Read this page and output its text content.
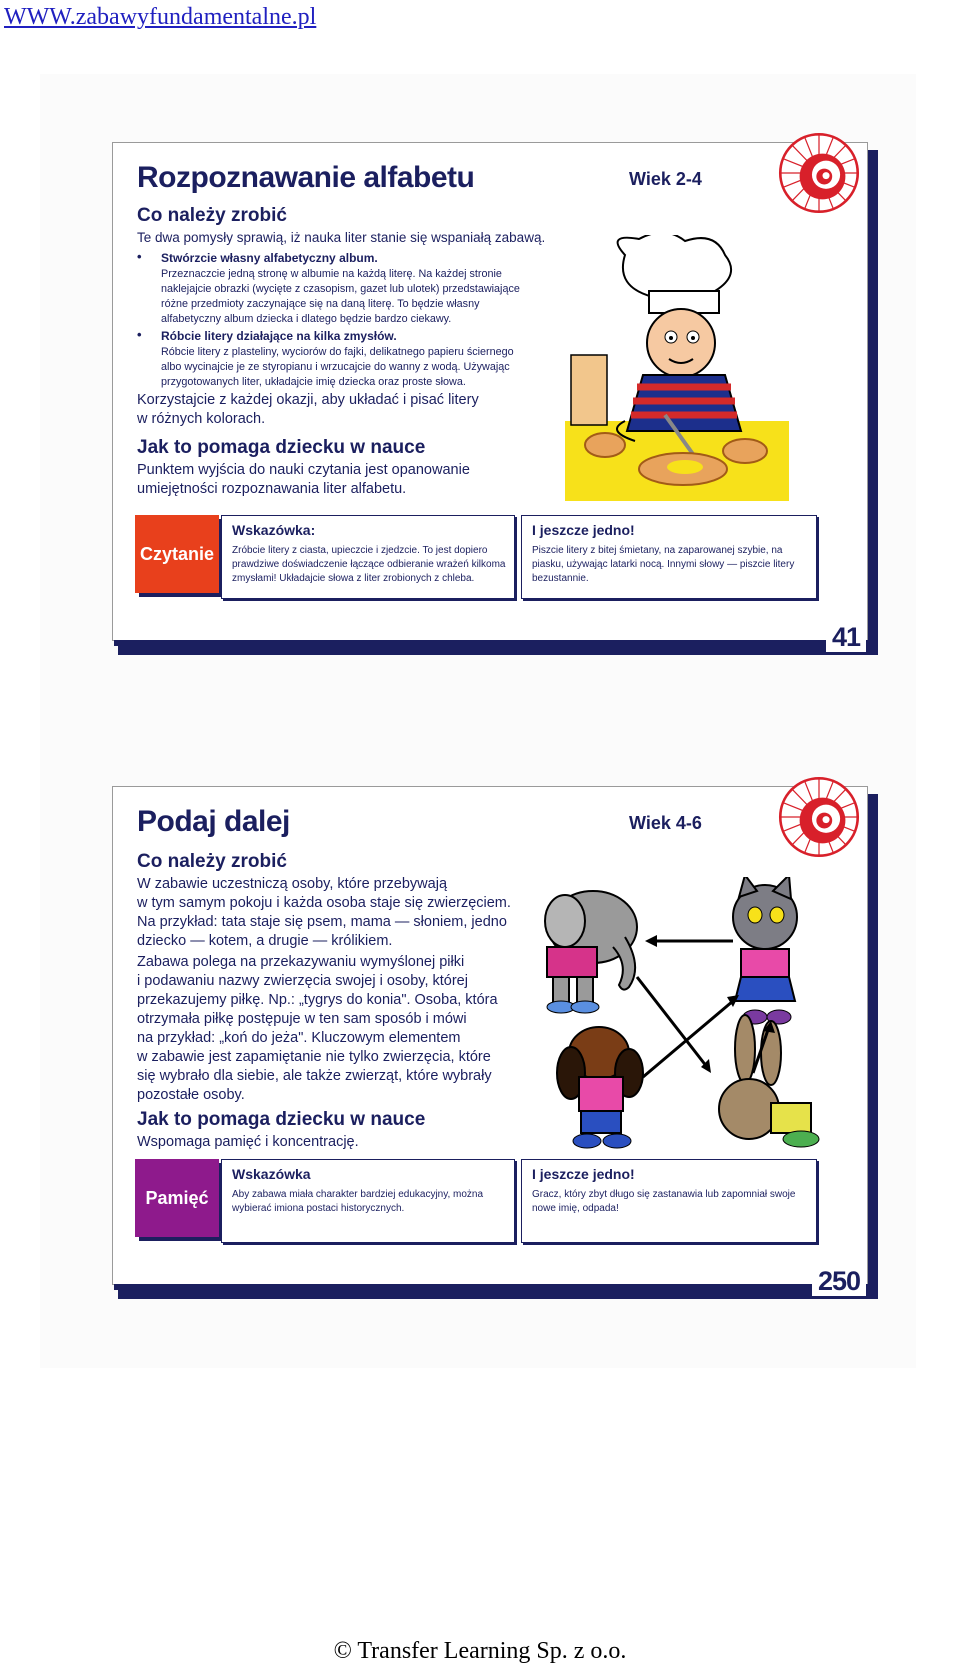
WWW.zabawyfundamentalne.pl
Rozpoznawanie alfabetu	Wiek 2-4
Co należy zrobić
Te dwa pomysły sprawią, iż nauka liter stanie się wspaniałą zabawą.
• Stwórzcie własny alfabetyczny album.
Przeznaczcie jedną stronę w albumie na każdą literę. Na każdej stronie
naklejajcie obrazki (wycięte z czasopism, gazet lub ulotek) przedstawiające
różne przedmioty zaczynające się na daną literę. To będzie własny
alfabetyczny album dziecka i dlatego będzie bardzo ciekawy.
• Róbcie litery działające na kilka zmysłów.
Róbcie litery z plasteliny, wyciorów do fajki, delikatnego papieru ściernego
albo wycinajcie je ze styropianu i wrzucajcie do wanny z wodą. Używając
przygotowanych liter, układajcie imię dziecka oraz proste słowa.
Korzystajcie z każdej okazji, aby układać i pisać litery
w różnych kolorach.
Jak to pomaga dziecku w nauce
Punktem wyjścia do nauki czytania jest opanowanie
umiejętności rozpoznawania liter alfabetu.
Czytanie
Wskazówka:
Zróbcie litery z ciasta, upieczcie i zjedzcie. To jest dopiero
prawdziwe doświadczenie łączące odbieranie wrażeń kilkoma
zmysłami! Układajcie słowa z liter zrobionych z chleba.
I jeszcze jedno!
Piszcie litery z bitej śmietany, na zaparowanej szybie, na
piasku, używając latarki nocą. Innymi słowy — piszcie litery
bezustannie.
41
Podaj dalej	Wiek 4-6
Co należy zrobić
W zabawie uczestniczą osoby, które przebywają
w tym samym pokoju i każda osoba staje się zwierzęciem.
Na przykład: tata staje się psem, mama — słoniem, jedno
dziecko — kotem, a drugie — królikiem.
Zabawa polega na przekazywaniu wymyślonej piłki
i podawaniu nazwy zwierzęcia swojej i osoby, której
przekazujemy piłkę. Np.: „tygrys do konia". Osoba, która
otrzymała piłkę postępuje w ten sam sposób i mówi
na przykład: „koń do jeża". Kluczowym elementem
w zabawie jest zapamiętanie nie tylko zwierzęcia, które
się wybrało dla siebie, ale także zwierząt, które wybrały
pozostałe osoby.
Jak to pomaga dziecku w nauce
Wspomaga pamięć i koncentrację.
Pamięć
Wskazówka
Aby zabawa miała charakter bardziej edukacyjny, można
wybierać imiona postaci historycznych.
I jeszcze jedno!
Gracz, który zbyt długo się zastanawia lub zapomniał swoje
nowe imię, odpada!
250
© Transfer Learning Sp. z o.o.
